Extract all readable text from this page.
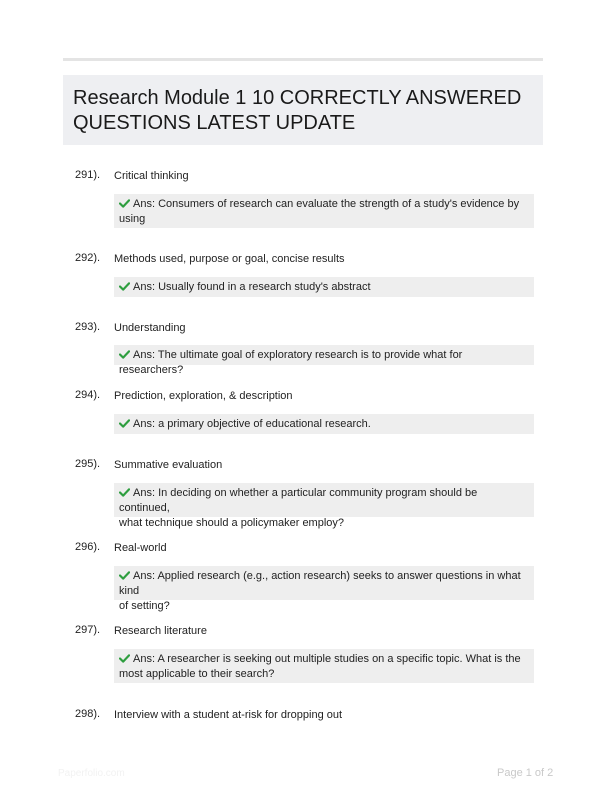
Research Module 1 10 CORRECTLY ANSWERED
QUESTIONS LATEST UPDATE
291). Critical thinking
Ans: Consumers of research can evaluate the strength of a study's evidence by
using
292). Methods used, purpose or goal, concise results
Ans: Usually found in a research study's abstract
293). Understanding
Ans: The ultimate goal of exploratory research is to provide what for researchers?
294). Prediction, exploration, & description
Ans: a primary objective of educational research.
295). Summative evaluation
Ans: In deciding on whether a particular community program should be continued,
what technique should a policymaker employ?
296). Real-world
Ans: Applied research (e.g., action research) seeks to answer questions in what kind
of setting?
297). Research literature
Ans: A researcher is seeking out multiple studies on a specific topic. What is the
most applicable to their search?
298). Interview with a student at-risk for dropping out
Paperfolio.com	Page 1 of 2
